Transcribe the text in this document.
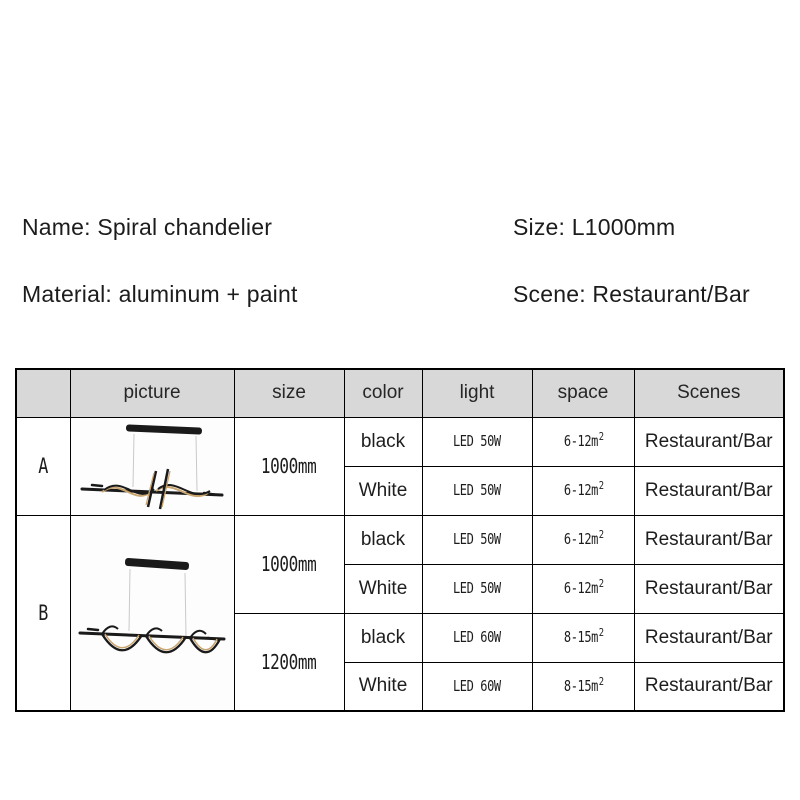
Name: Spiral chandelier	Size: L1000mm
Material: aluminum + paint	Scene: Restaurant/Bar
	picture	size	color	light	space	Scenes
A		1000mm	black	LED 50W	$6-12m^2$	Restaurant/Bar
			White	LED 50W	$6-12m^2$	Restaurant/Bar
B		1000mm	black	LED 50W	$6-12m^2$	Restaurant/Bar
			White	LED 50W	$6-12m^2$	Restaurant/Bar
		1200mm	black	LED 60W	$8-15m^2$	Restaurant/Bar
			White	LED 60W	$8-15m^2$	Restaurant/Bar
